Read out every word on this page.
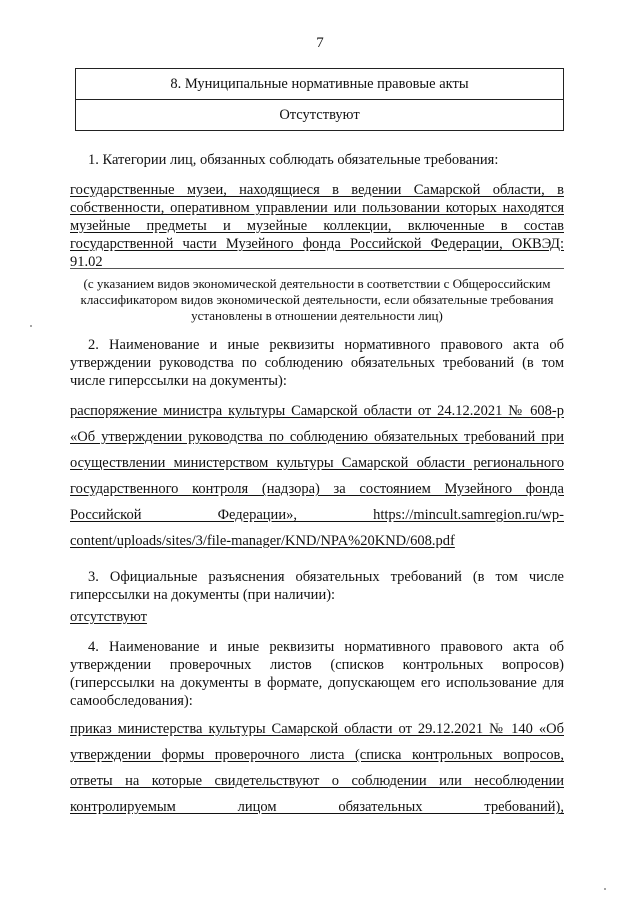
7
8. Муниципальные нормативные правовые акты
Отсутствуют

1. Категории лиц, обязанных соблюдать обязательные требования:

государственные музеи, находящиеся в ведении Самарской области, в собственности, оперативном управлении или пользовании которых находятся музейные предметы и музейные коллекции, включенные в состав государственной части Музейного фонда Российской Федерации, ОКВЭД: 91.02

(с указанием видов экономической деятельности в соответствии с Общероссийским классификатором видов экономической деятельности, если обязательные требования установлены в отношении деятельности лиц)

2. Наименование и иные реквизиты нормативного правового акта об утверждении руководства по соблюдению обязательных требований (в том числе гиперссылки на документы):

распоряжение министра культуры Самарской области от 24.12.2021 № 608-р «Об утверждении руководства по соблюдению обязательных требований при осуществлении министерством культуры Самарской области регионального государственного контроля (надзора) за состоянием Музейного фонда Российской Федерации», https://mincult.samregion.ru/wp-content/uploads/sites/3/file-manager/KND/NPA%20KND/608.pdf

3. Официальные разъяснения обязательных требований (в том числе гиперссылки на документы (при наличии):

отсутствуют

4. Наименование и иные реквизиты нормативного правового акта об утверждении проверочных листов (списков контрольных вопросов) (гиперссылки на документы в формате, допускающем его использование для самообследования):

приказ министерства культуры Самарской области от 29.12.2021 № 140 «Об утверждении формы проверочного листа (списка контрольных вопросов, ответы на которые свидетельствуют о соблюдении или несоблюдении контролируемым лицом обязательных требований),
